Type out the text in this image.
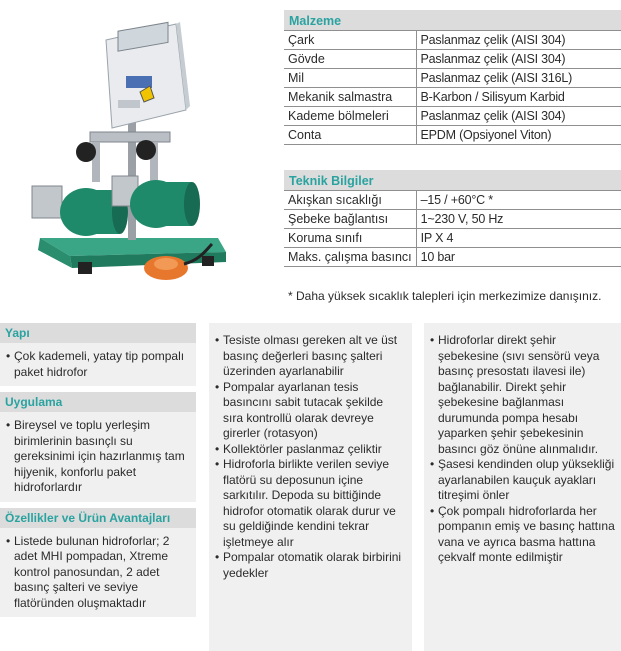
Malzeme
Çark	Paslanmaz çelik (AISI 304)
Gövde	Paslanmaz çelik (AISI 304)
Mil	Paslanmaz çelik (AISI 316L)
Mekanik salmastra	B-Karbon / Silisyum Karbid
Kademe bölmeleri	Paslanmaz çelik (AISI 304)
Conta	EPDM (Opsiyonel Viton)
Teknik Bilgiler
Akışkan sıcaklığı	–15 / +60°C *
Şebeke bağlantısı	1~230 V, 50 Hz
Koruma sınıfı	IP X 4
Maks. çalışma basıncı	10 bar
* Daha yüksek sıcaklık talepleri için merkezimize danışınız.
Yapı
• Çok kademeli, yatay tip pompalı paket hidrofor
Uygulama
• Bireysel ve toplu yerleşim birimlerinin basınçlı su gereksinimi için hazırlanmış tam hijyenik, konforlu paket hidroforlardır
Özellikler ve Ürün Avantajları
• Listede bulunan hidroforlar; 2 adet MHI pompadan, Xtreme kontrol panosundan, 2 adet basınç şalteri ve seviye flatöründen oluşmaktadır
• Tesiste olması gereken alt ve üst basınç değerleri basınç şalteri üzerinden ayarlanabilir
• Pompalar ayarlanan tesis basıncını sabit tutacak şekilde sıra kontrollü olarak devreye girerler (rotasyon)
• Kollektörler paslanmaz çeliktir
• Hidroforla birlikte verilen seviye flatörü su deposunun içine sarkıtılır. Depoda su bittiğinde hidrofor otomatik olarak durur ve su geldiğinde kendini tekrar işletmeye alır
• Pompalar otomatik olarak birbirini yedekler
• Hidroforlar direkt şehir şebekesine (sıvı sensörü veya basınç presostatı ilavesi ile) bağlanabilir. Direkt şehir şebekesine bağlanması durumunda pompa hesabı yaparken şehir şebekesinin basıncı göz önüne alınmalıdır.
• Şasesi kendinden olup yüksekliği ayarlanabilen kauçuk ayakları titreşimi önler
• Çok pompalı hidroforlarda her pompanın emiş ve basınç hattına vana ve ayrıca basma hattına çekvalf monte edilmiştir
